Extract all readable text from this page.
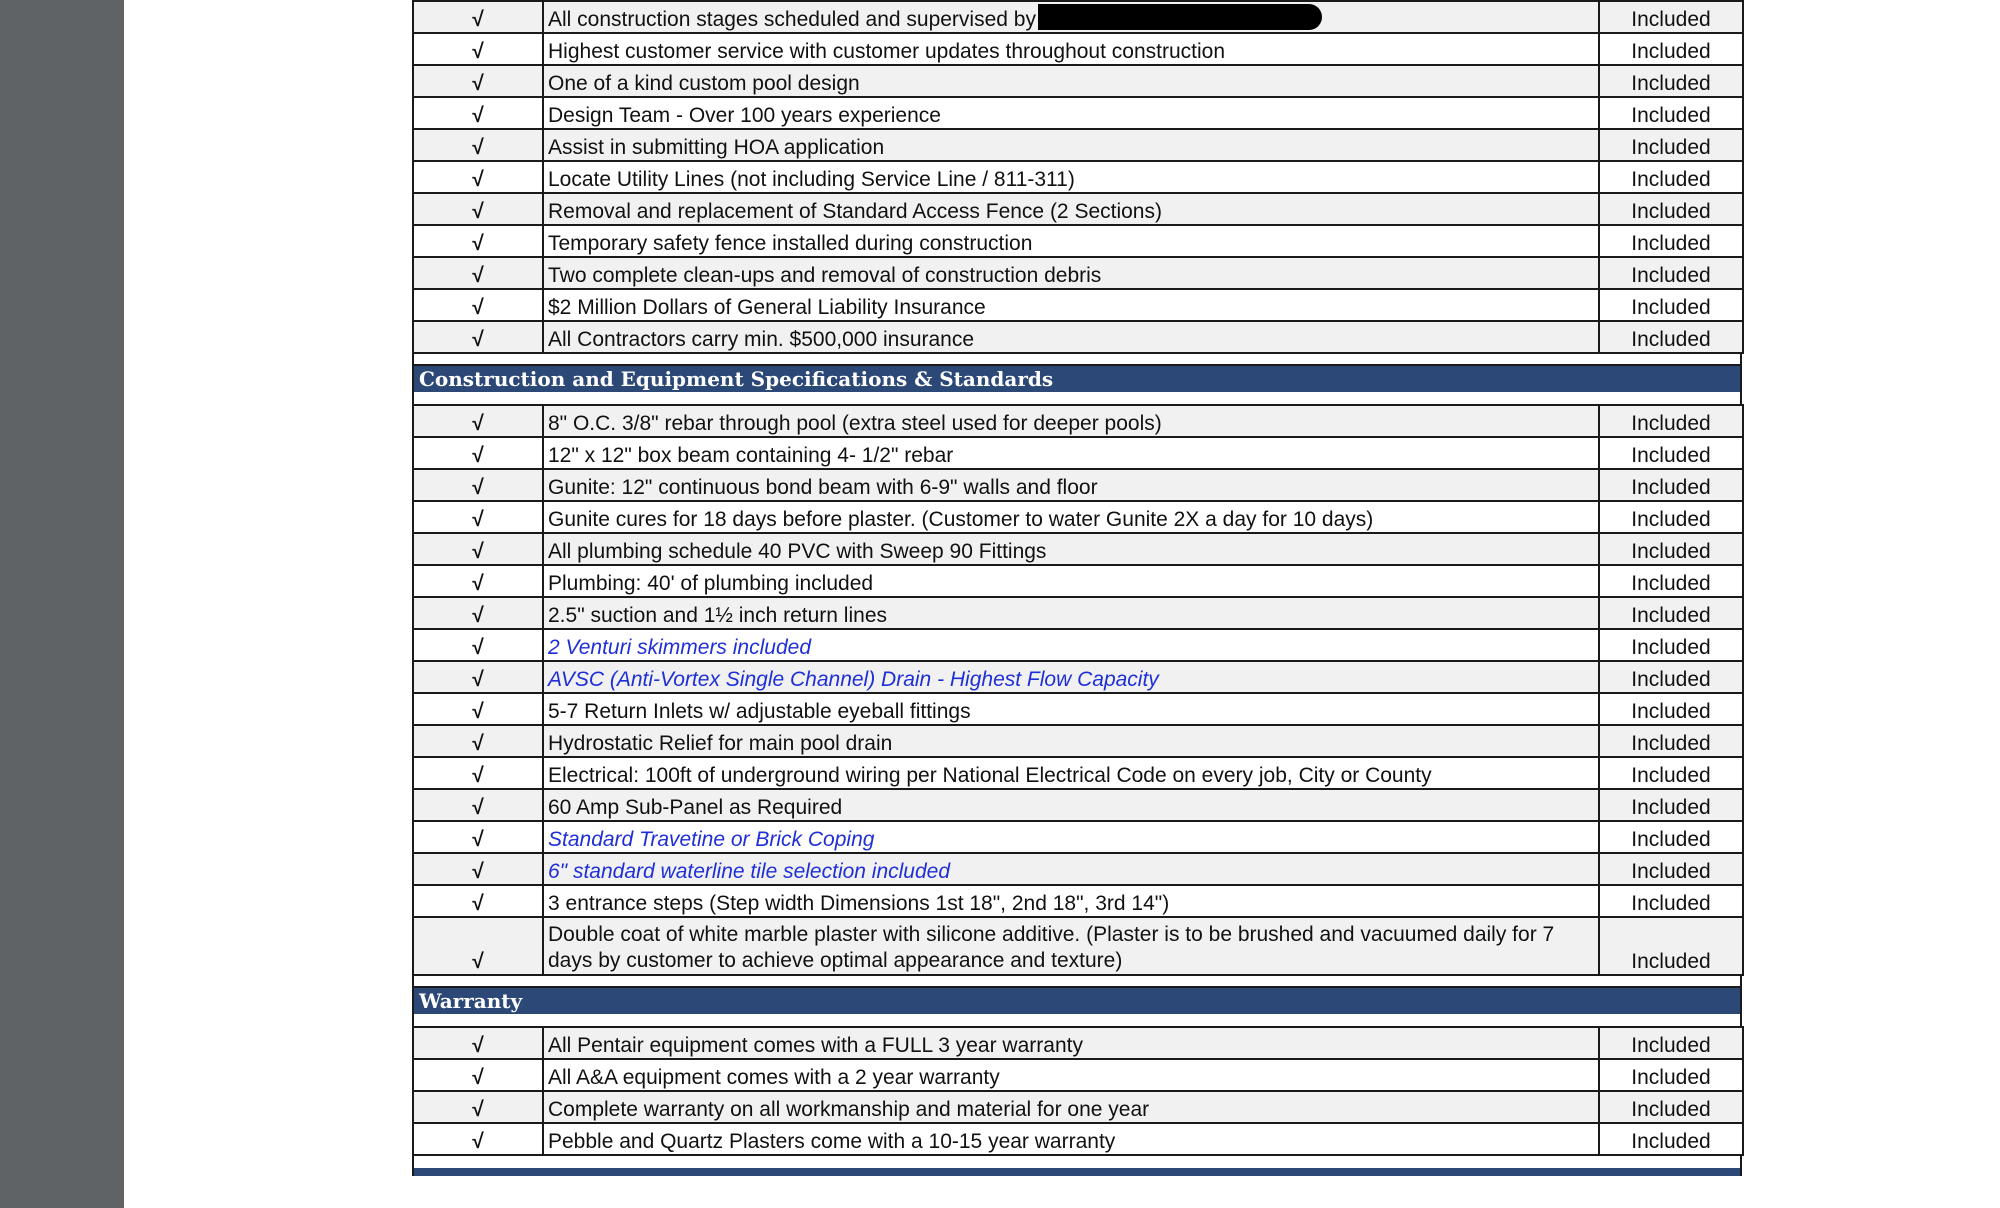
√	All construction stages scheduled and supervised by	Included
√	Highest customer service with customer updates throughout construction	Included
√	One of a kind custom pool design	Included
√	Design Team - Over 100 years experience	Included
√	Assist in submitting HOA application	Included
√	Locate Utility Lines (not including Service Line / 811-311)	Included
√	Removal and replacement of Standard Access Fence (2 Sections)	Included
√	Temporary safety fence installed during construction	Included
√	Two complete clean-ups and removal of construction debris	Included
√	$2 Million Dollars of General Liability Insurance	Included
√	All Contractors carry min. $500,000 insurance	Included
Construction and Equipment Specifications & Standards
√	8" O.C. 3/8" rebar through pool (extra steel used for deeper pools)	Included
√	12" x 12" box beam containing 4- 1/2" rebar	Included
√	Gunite: 12" continuous bond beam with 6-9" walls and floor	Included
√	Gunite cures for 18 days before plaster. (Customer to water Gunite 2X a day for 10 days)	Included
√	All plumbing schedule 40 PVC with Sweep 90 Fittings	Included
√	Plumbing: 40' of plumbing included	Included
√	2.5" suction and 1½ inch return lines	Included
√	2 Venturi skimmers included	Included
√	AVSC (Anti-Vortex Single Channel) Drain - Highest Flow Capacity	Included
√	5-7 Return Inlets w/ adjustable eyeball fittings	Included
√	Hydrostatic Relief for main pool drain	Included
√	Electrical: 100ft of underground wiring per National Electrical Code on every job, City or County	Included
√	60 Amp Sub-Panel as Required	Included
√	Standard Travetine or Brick Coping	Included
√	6" standard waterline tile selection included	Included
√	3 entrance steps (Step width Dimensions 1st 18", 2nd 18", 3rd 14")	Included
√	Double coat of white marble plaster with silicone additive. (Plaster is to be brushed and vacuumed daily for 7 days by customer to achieve optimal appearance and texture)	Included
Warranty
√	All Pentair equipment comes with a FULL 3 year warranty	Included
√	All A&A equipment comes with a 2 year warranty	Included
√	Complete warranty on all workmanship and material for one year	Included
√	Pebble and Quartz Plasters come with a 10-15 year warranty	Included
